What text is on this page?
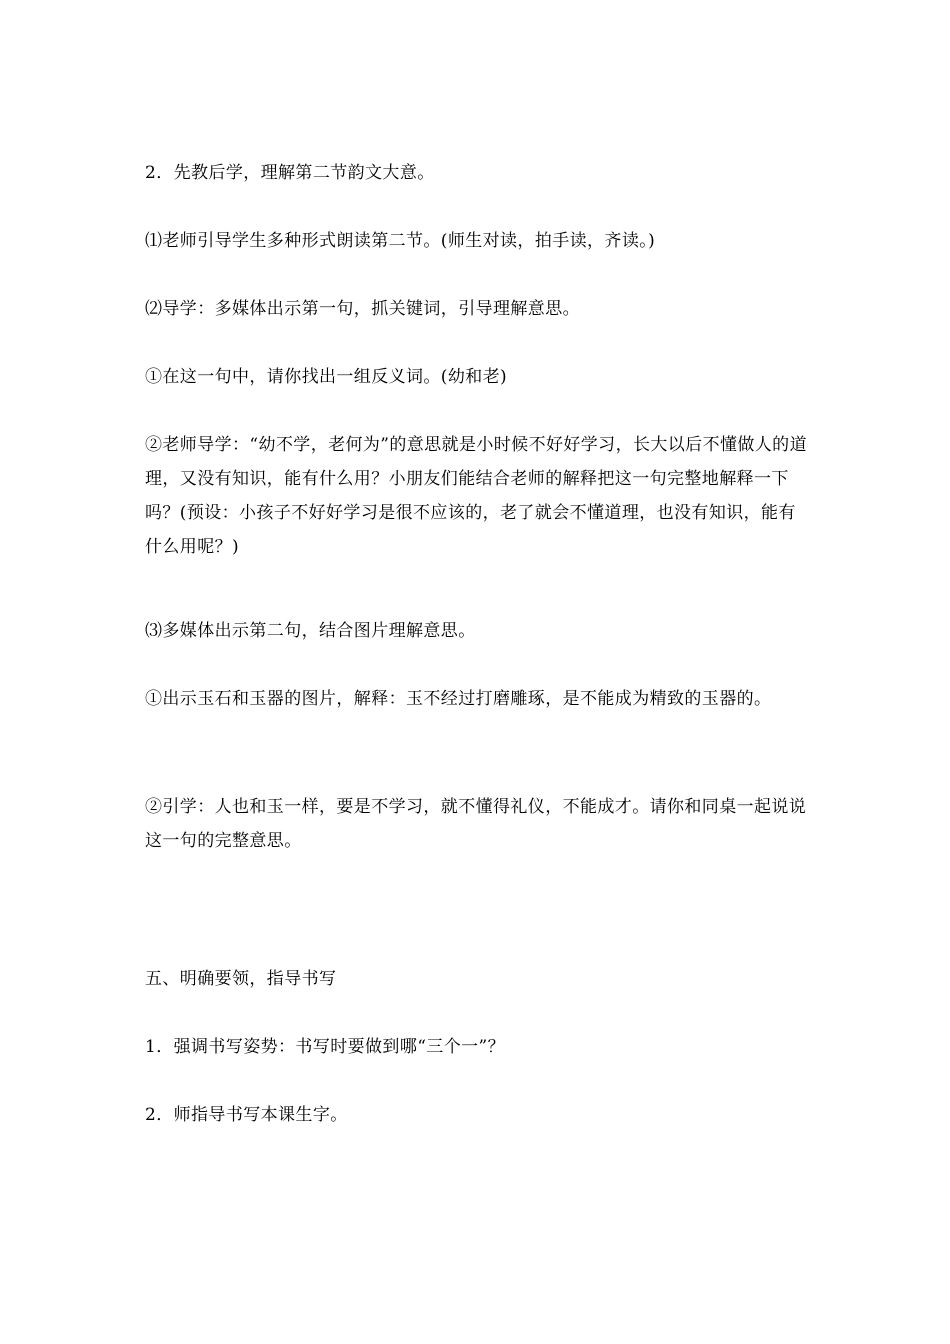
2．先教后学，理解第二节韵文大意。

⑴老师引导学生多种形式朗读第二节。(师生对读，拍手读，齐读。)

⑵导学：多媒体出示第一句，抓关键词，引导理解意思。

①在这一句中，请你找出一组反义词。(幼和老)

②老师导学：“幼不学，老何为”的意思就是小时候不好好学习，长大以后不懂做人的道理，又没有知识，能有什么用？小朋友们能结合老师的解释把这一句完整地解释一下吗？(预设：小孩子不好好学习是很不应该的，老了就会不懂道理，也没有知识，能有什么用呢？)

⑶多媒体出示第二句，结合图片理解意思。

①出示玉石和玉器的图片，解释：玉不经过打磨雕琢，是不能成为精致的玉器的。

②引学：人也和玉一样，要是不学习，就不懂得礼仪，不能成才。请你和同桌一起说说这一句的完整意思。

五、明确要领，指导书写

1．强调书写姿势：书写时要做到哪“三个一”？

2．师指导书写本课生字。
